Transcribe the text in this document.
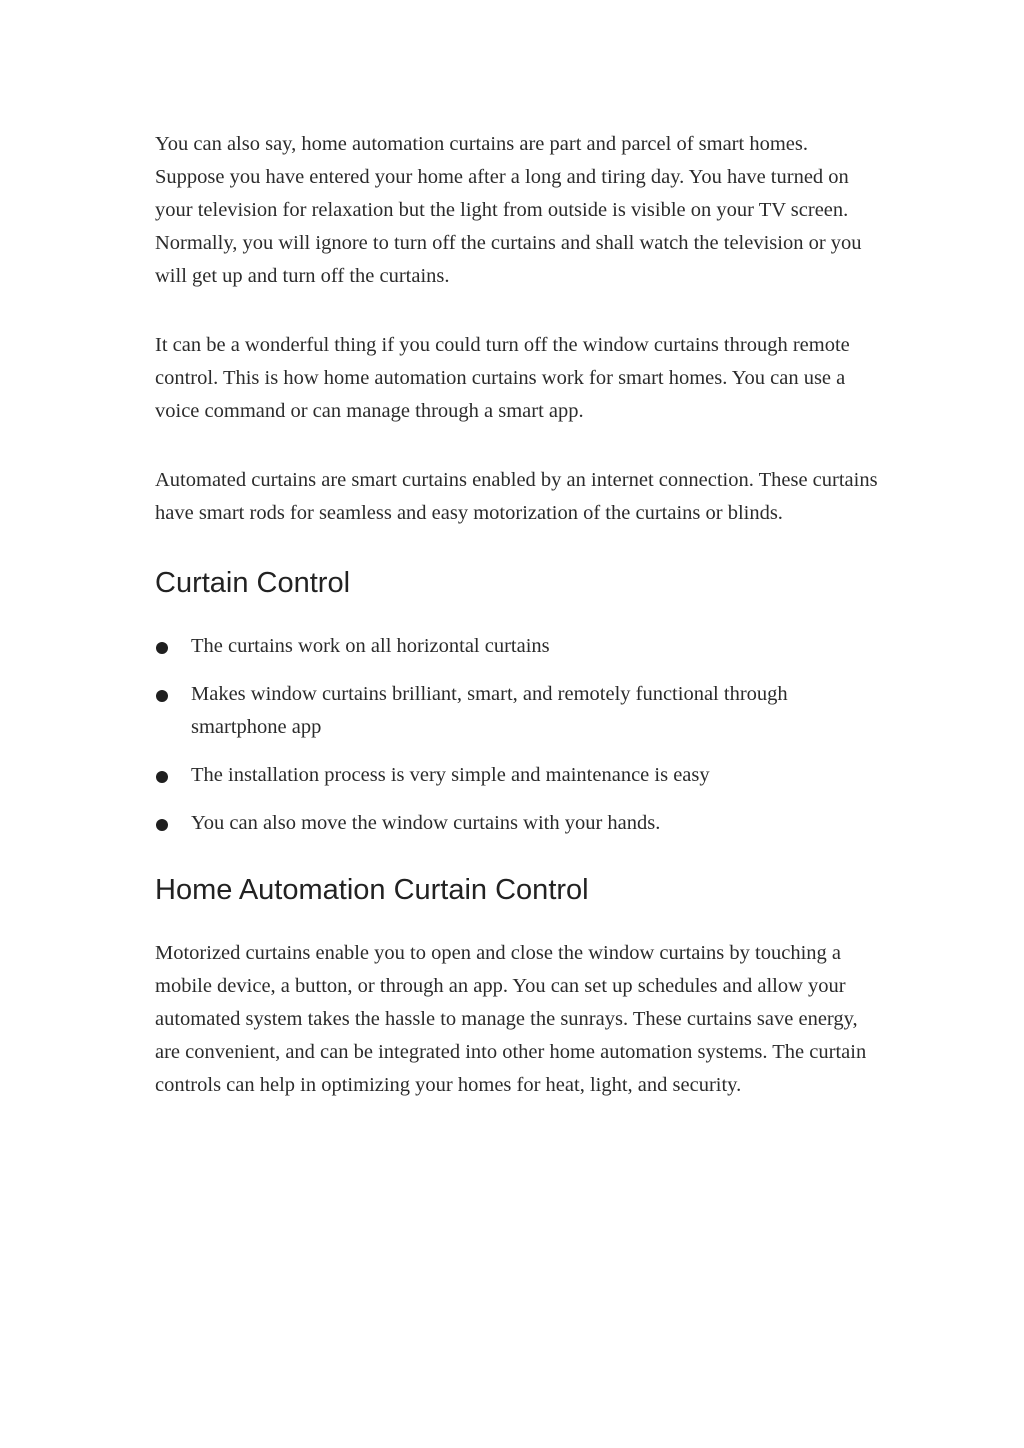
You can also say, home automation curtains are part and parcel of smart homes. Suppose you have entered your home after a long and tiring day. You have turned on your television for relaxation but the light from outside is visible on your TV screen. Normally, you will ignore to turn off the curtains and shall watch the television or you will get up and turn off the curtains.

It can be a wonderful thing if you could turn off the window curtains through remote control. This is how home automation curtains work for smart homes. You can use a voice command or can manage through a smart app.

Automated curtains are smart curtains enabled by an internet connection. These curtains have smart rods for seamless and easy motorization of the curtains or blinds.

Curtain Control
The curtains work on all horizontal curtains
Makes window curtains brilliant, smart, and remotely functional through smartphone app
The installation process is very simple and maintenance is easy
You can also move the window curtains with your hands.
Home Automation Curtain Control

Motorized curtains enable you to open and close the window curtains by touching a mobile device, a button, or through an app. You can set up schedules and allow your automated system takes the hassle to manage the sunrays. These curtains save energy, are convenient, and can be integrated into other home automation systems. The curtain controls can help in optimizing your homes for heat, light, and security.
